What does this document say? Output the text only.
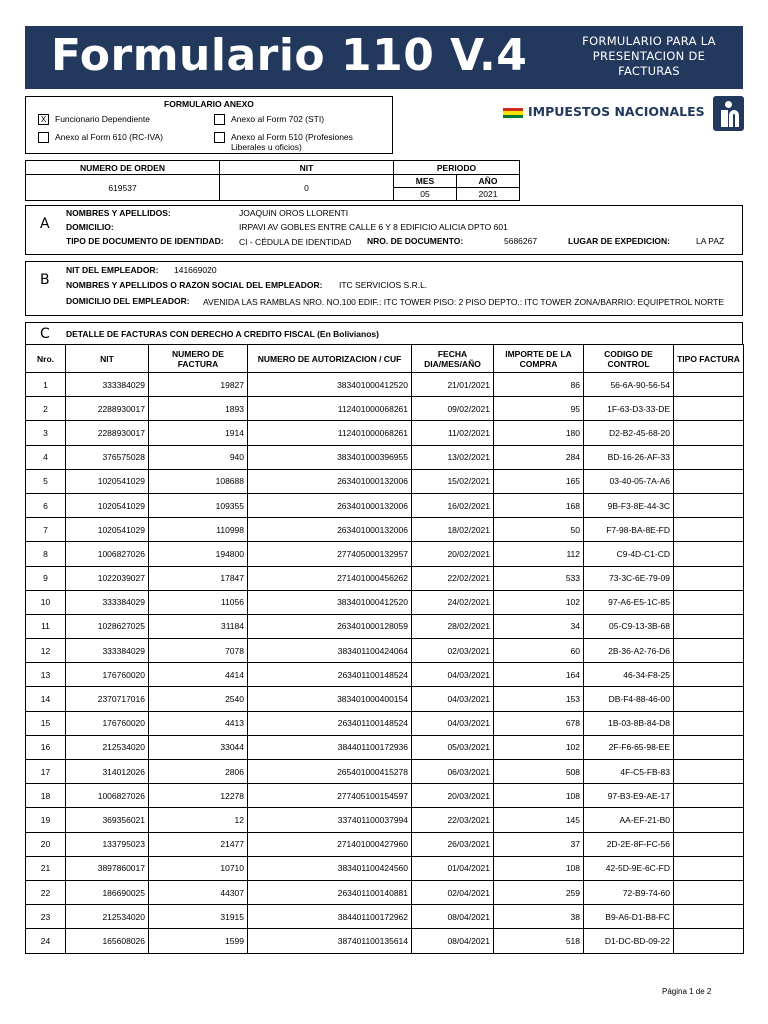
Formulario 110 V.4	FORMULARIO PARA LA PRESENTACION DE FACTURAS
FORMULARIO ANEXO
X	Funcionario Dependiente	Anexo al Form 702 (STI)
Anexo al Form 610 (RC-IVA)	Anexo al Form 510 (Profesiones Liberales u oficios)
IMPUESTOS NACIONALES
NUMERO DE ORDEN	NIT	PERIODO	
619537	0	MES	AÑO
		05	2021
A
NOMBRES Y APELLIDOS:	JOAQUIN OROS LLORENTI
DOMICILIO:	IRPAVI AV GOBLES ENTRE CALLE 6 Y 8 EDIFICIO ALICIA DPTO 601
TIPO DE DOCUMENTO DE IDENTIDAD: CI - CÉDULA DE IDENTIDAD NRO. DE DOCUMENTO:	5686267	LUGAR DE EXPEDICION:	LA PAZ
B
NIT DEL EMPLEADOR: 141669020
NOMBRES Y APELLIDOS O RAZON SOCIAL DEL EMPLEADOR: ITC SERVICIOS S.R.L.
DOMICILIO DEL EMPLEADOR: AVENIDA LAS RAMBLAS NRO. NO.100 EDIF.: ITC TOWER PISO: 2 PISO DEPTO.: ITC TOWER ZONA/BARRIO: EQUIPETROL NORTE
C DETALLE DE FACTURAS CON DERECHO A CREDITO FISCAL (En Bolivianos)
Nro.	NIT	NUMERO DE FACTURA	NUMERO DE AUTORIZACION / CUF	FECHA DIA/MES/AÑO	IMPORTE DE LA COMPRA	CODIGO DE CONTROL	TIPO FACTURA
1	333384029	19827	383401000412520	21/01/2021	86	56-6A-90-56-54	
2	2288930017	1893	112401000068261	09/02/2021	95	1F-63-D3-33-DE	
3	2288930017	1914	112401000068261	11/02/2021	180	D2-B2-45-68-20	
4	376575028	940	383401000396955	13/02/2021	284	BD-16-26-AF-33	
5	1020541029	108688	263401000132006	15/02/2021	165	03-40-05-7A-A6	
6	1020541029	109355	263401000132006	16/02/2021	168	9B-F3-8E-44-3C	
7	1020541029	110998	263401000132006	18/02/2021	50	F7-98-BA-8E-FD	
8	1006827026	194800	277405000132957	20/02/2021	112	C9-4D-C1-CD	
9	1022039027	17847	271401000456262	22/02/2021	533	73-3C-6E-79-09	
10	333384029	11056	383401000412520	24/02/2021	102	97-A6-E5-1C-85	
11	1028627025	31184	263401000128059	28/02/2021	34	05-C9-13-3B-68	
12	333384029	7078	383401100424064	02/03/2021	60	2B-36-A2-76-D6	
13	176760020	4414	263401100148524	04/03/2021	164	46-34-F8-25	
14	2370717016	2540	383401000400154	04/03/2021	153	DB-F4-88-46-00	
15	176760020	4413	263401100148524	04/03/2021	678	1B-03-8B-84-D8	
16	212534020	33044	384401100172936	05/03/2021	102	2F-F6-65-98-EE	
17	314012026	2806	265401000415278	06/03/2021	508	4F-C5-FB-83	
18	1006827026	12278	277405100154597	20/03/2021	108	97-B3-E9-AE-17	
19	369356021	12	337401100037994	22/03/2021	145	AA-EF-21-B0	
20	133795023	21477	271401000427960	26/03/2021	37	2D-2E-8F-FC-56	
21	3897860017	10710	383401100424560	01/04/2021	108	42-5D-9E-6C-FD	
22	186690025	44307	263401100140881	02/04/2021	259	72-B9-74-60	
23	212534020	31915	384401100172962	08/04/2021	38	B9-A6-D1-B8-FC	
24	165608026	1599	387401100135614	08/04/2021	518	D1-DC-BD-09-22	
Página 1 de 2
